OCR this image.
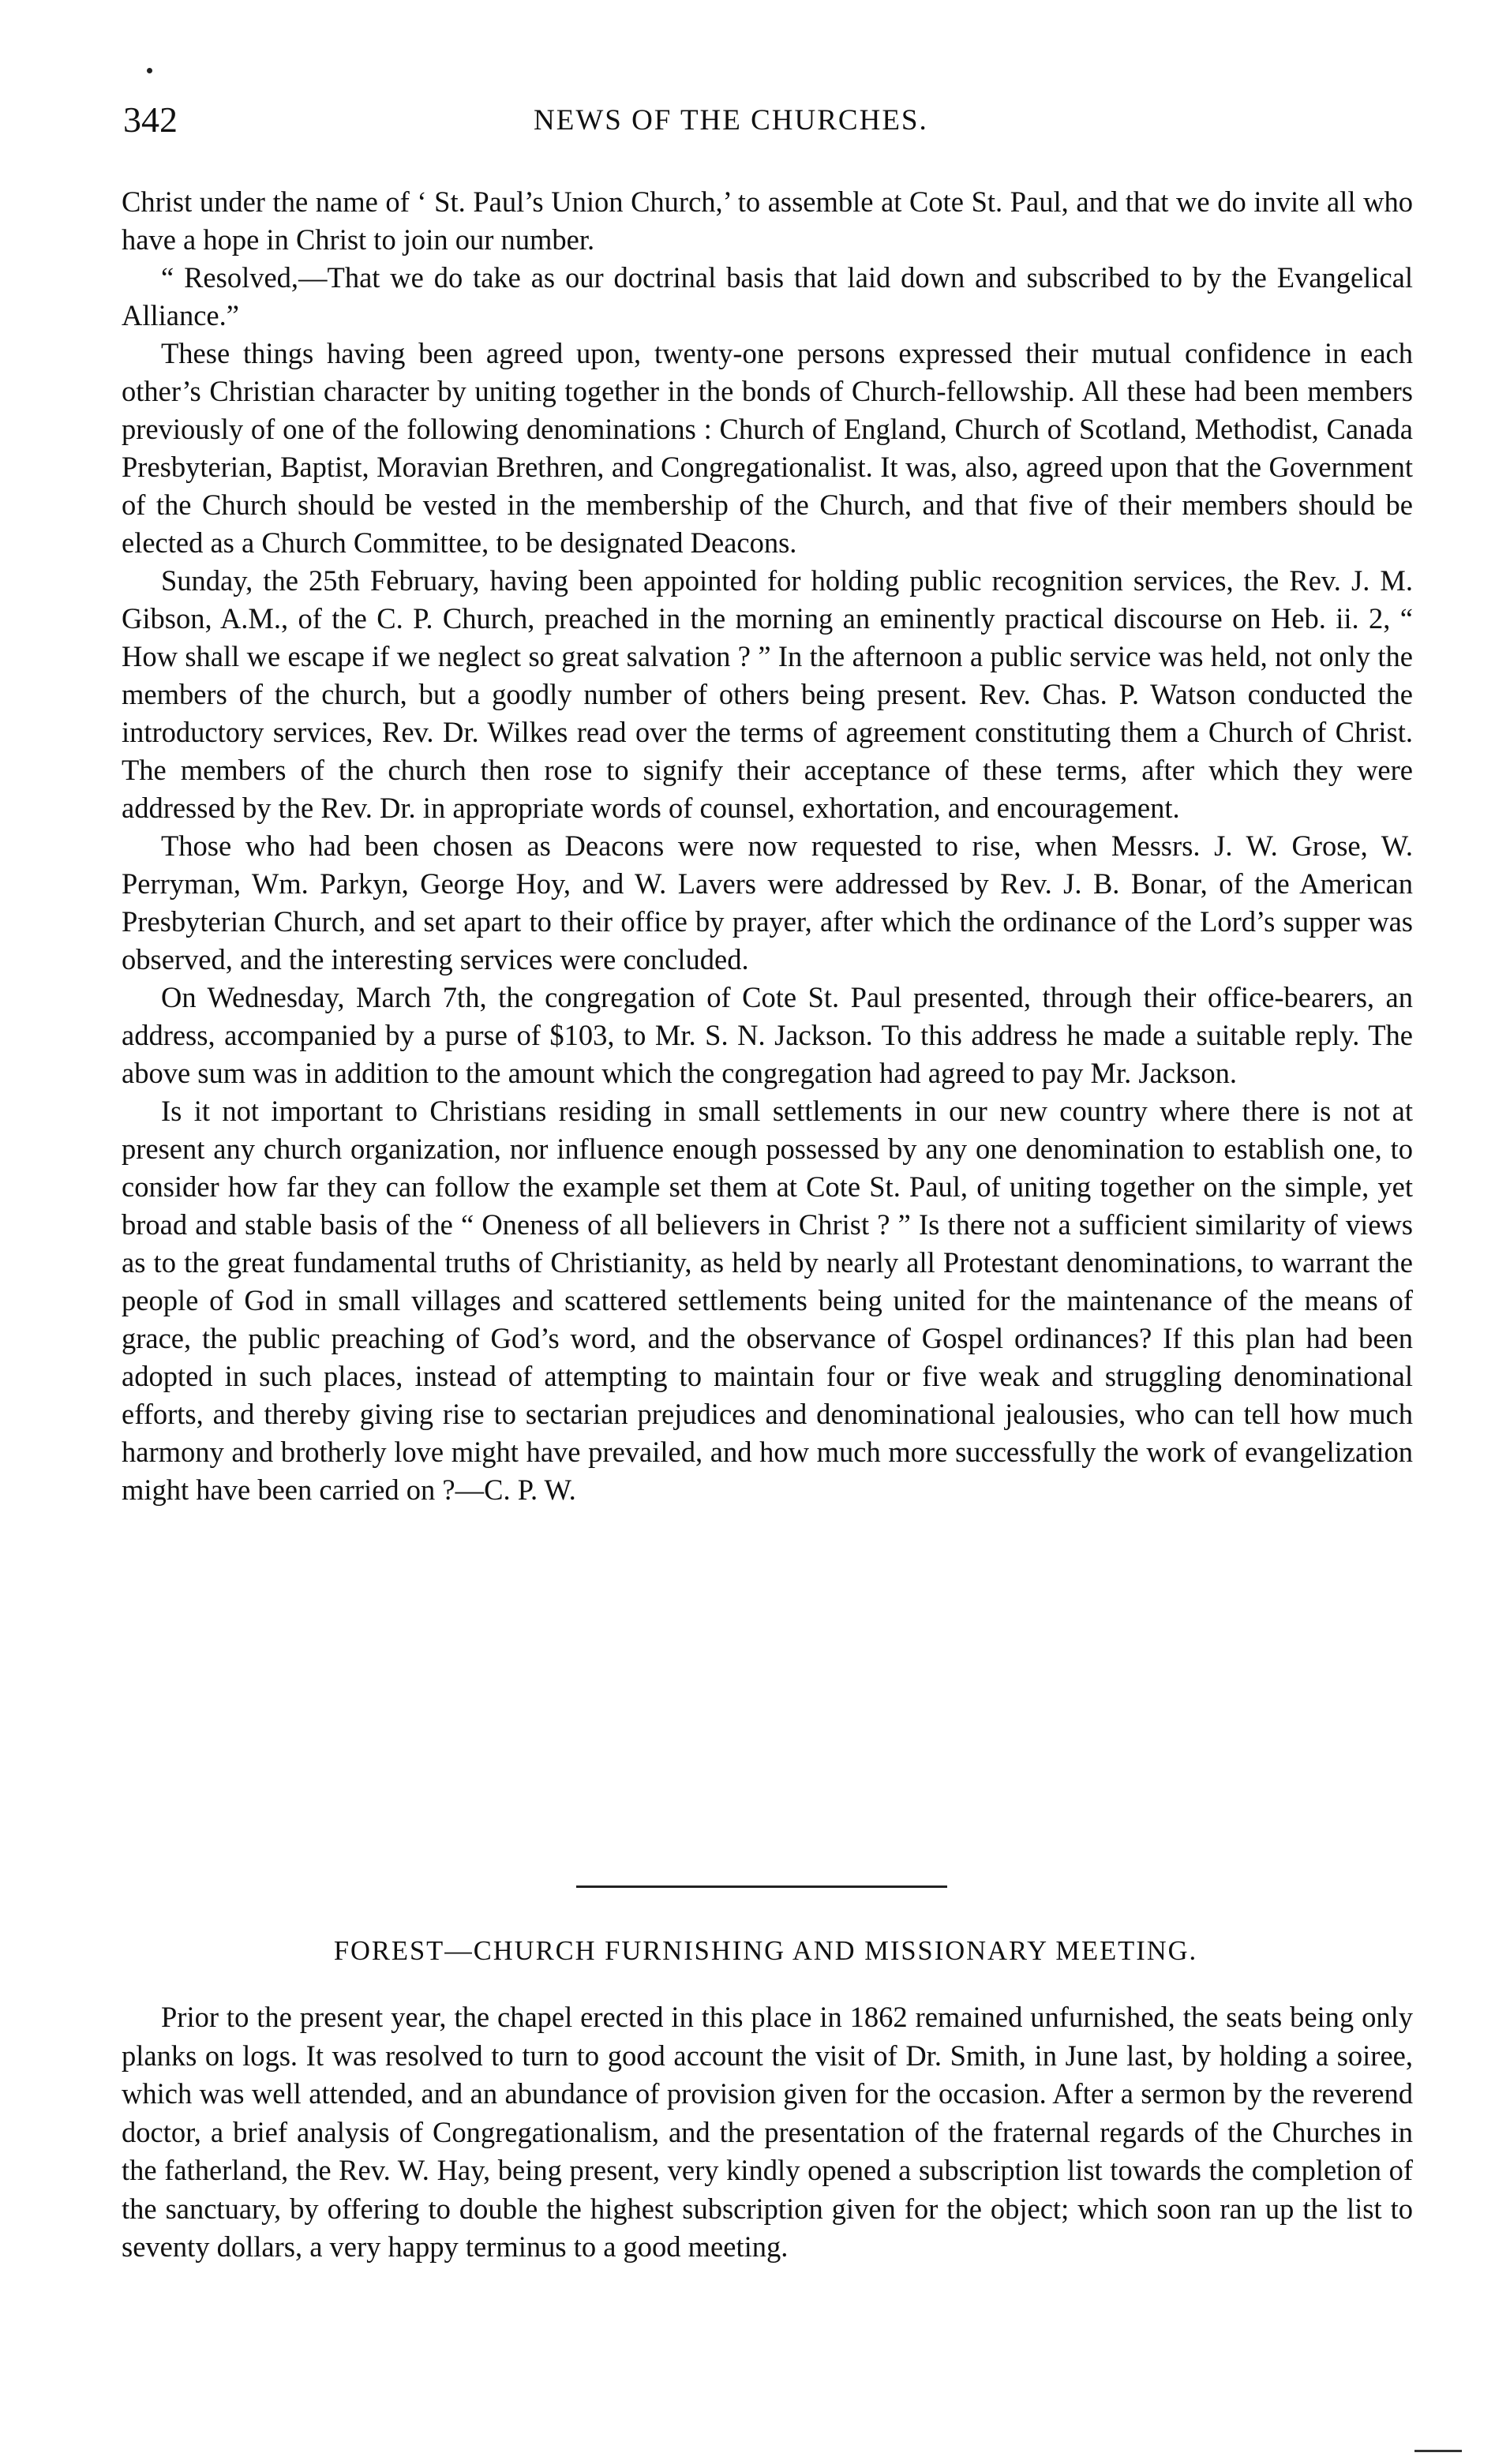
342	NEWS OF THE CHURCHES.

Christ under the name of ‘ St. Paul’s Union Church,’ to assemble at Cote St. Paul, and that we do invite all who have a hope in Christ to join our number.

“ Resolved,—That we do take as our doctrinal basis that laid down and subscribed to by the Evangelical Alliance.”

These things having been agreed upon, twenty-one persons expressed their mutual confidence in each other’s Christian character by uniting together in the bonds of Church-fellowship. All these had been members previously of one of the following denominations : Church of England, Church of Scotland, Methodist, Canada Presbyterian, Baptist, Moravian Brethren, and Congregationalist. It was, also, agreed upon that the Government of the Church should be vested in the membership of the Church, and that five of their members should be elected as a Church Committee, to be designated Deacons.

Sunday, the 25th February, having been appointed for holding public recognition services, the Rev. J. M. Gibson, A.M., of the C. P. Church, preached in the morning an eminently practical discourse on Heb. ii. 2, “ How shall we escape if we neglect so great salvation ? ” In the afternoon a public service was held, not only the members of the church, but a goodly number of others being present. Rev. Chas. P. Watson conducted the introductory services, Rev. Dr. Wilkes read over the terms of agreement constituting them a Church of Christ. The members of the church then rose to signify their acceptance of these terms, after which they were addressed by the Rev. Dr. in appropriate words of counsel, exhortation, and encouragement.

Those who had been chosen as Deacons were now requested to rise, when Messrs. J. W. Grose, W. Perryman, Wm. Parkyn, George Hoy, and W. Lavers were addressed by Rev. J. B. Bonar, of the American Presbyterian Church, and set apart to their office by prayer, after which the ordinance of the Lord’s supper was observed, and the interesting services were concluded.

On Wednesday, March 7th, the congregation of Cote St. Paul presented, through their office-bearers, an address, accompanied by a purse of $103, to Mr. S. N. Jackson. To this address he made a suitable reply. The above sum was in addition to the amount which the congregation had agreed to pay Mr. Jackson.

Is it not important to Christians residing in small settlements in our new country where there is not at present any church organization, nor influence enough possessed by any one denomination to establish one, to consider how far they can follow the example set them at Cote St. Paul, of uniting together on the simple, yet broad and stable basis of the “ Oneness of all believers in Christ ? ” Is there not a sufficient similarity of views as to the great fundamental truths of Christianity, as held by nearly all Protestant denominations, to warrant the people of God in small villages and scattered settlements being united for the maintenance of the means of grace, the public preaching of God’s word, and the observance of Gospel ordinances? If this plan had been adopted in such places, instead of attempting to maintain four or five weak and struggling denominational efforts, and thereby giving rise to sectarian prejudices and denominational jealousies, who can tell how much harmony and brotherly love might have prevailed, and how much more successfully the work of evangelization might have been carried on ?—C. P. W.

FOREST—CHURCH FURNISHING AND MISSIONARY MEETING.

Prior to the present year, the chapel erected in this place in 1862 remained unfurnished, the seats being only planks on logs. It was resolved to turn to good account the visit of Dr. Smith, in June last, by holding a soiree, which was well attended, and an abundance of provision given for the occasion. After a sermon by the reverend doctor, a brief analysis of Congregationalism, and the presentation of the fraternal regards of the Churches in the fatherland, the Rev. W. Hay, being present, very kindly opened a subscription list towards the completion of the sanctuary, by offering to double the highest subscription given for the object; which soon ran up the list to seventy dollars, a very happy terminus to a good meeting.
